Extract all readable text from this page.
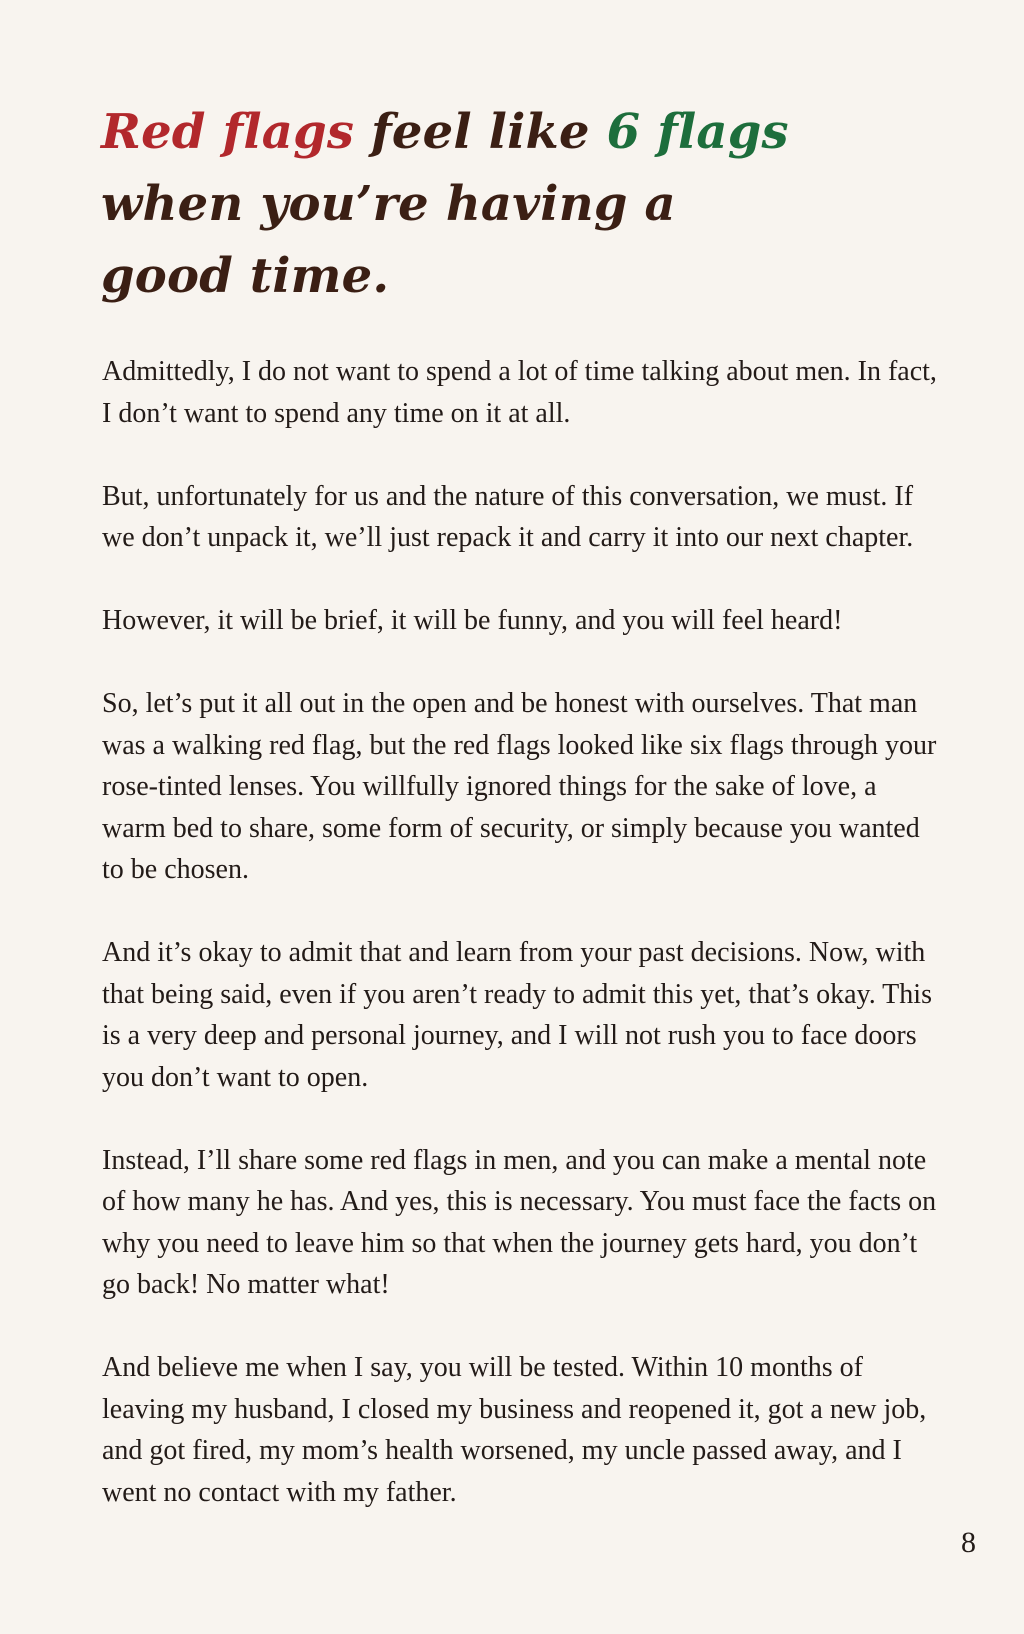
Red flags feel like 6 flags
when you’re having a
good time.

Admittedly, I do not want to spend a lot of time talking about men. In fact, I don’t want to spend any time on it at all.

But, unfortunately for us and the nature of this conversation, we must. If we don’t unpack it, we’ll just repack it and carry it into our next chapter.

However, it will be brief, it will be funny, and you will feel heard!

So, let’s put it all out in the open and be honest with ourselves. That man was a walking red flag, but the red flags looked like six flags through your rose-tinted lenses. You willfully ignored things for the sake of love, a warm bed to share, some form of security, or simply because you wanted to be chosen.

And it’s okay to admit that and learn from your past decisions. Now, with that being said, even if you aren’t ready to admit this yet, that’s okay. This is a very deep and personal journey, and I will not rush you to face doors you don’t want to open.

Instead, I’ll share some red flags in men, and you can make a mental note of how many he has. And yes, this is necessary. You must face the facts on why you need to leave him so that when the journey gets hard, you don’t go back! No matter what!

And believe me when I say, you will be tested. Within 10 months of leaving my husband, I closed my business and reopened it, got a new job, and got fired, my mom’s health worsened, my uncle passed away, and I went no contact with my father.

8
